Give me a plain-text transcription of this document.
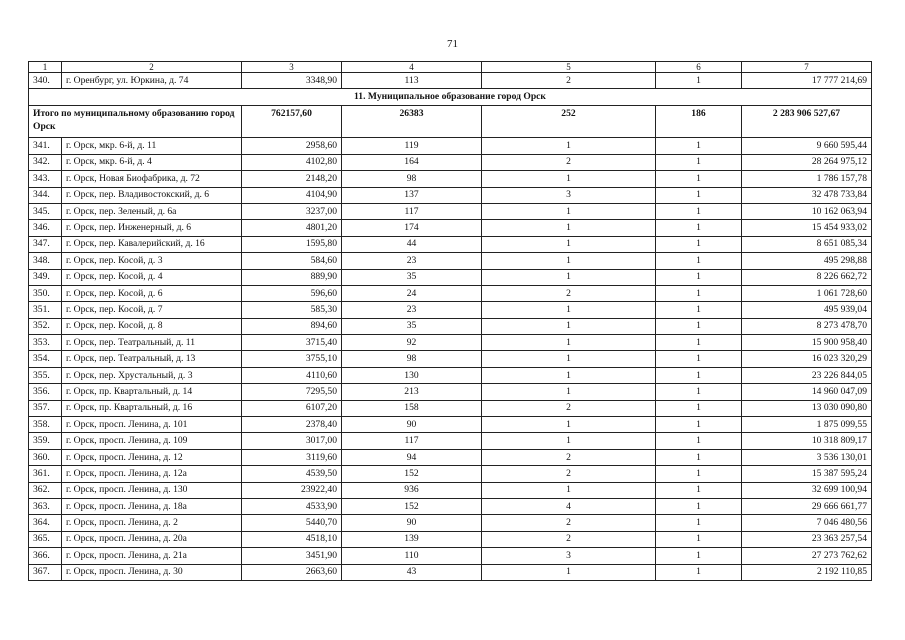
71
1	2	3	4	5	6	7
340.	г. Оренбург, ул. Юркина, д. 74	3348,90	113	2	1	17 777 214,69
11. Муниципальное образование город Орск						
Итого по муниципальному образованию город Орск		762157,60	26383	252	186	2 283 906 527,67
341.	г. Орск, мкр. 6-й, д. 11	2958,60	119	1	1	9 660 595,44
342.	г. Орск, мкр. 6-й, д. 4	4102,80	164	2	1	28 264 975,12
343.	г. Орск, Новая Биофабрика, д. 72	2148,20	98	1	1	1 786 157,78
344.	г. Орск, пер. Владивостокский, д. 6	4104,90	137	3	1	32 478 733,84
345.	г. Орск, пер. Зеленый, д. 6а	3237,00	117	1	1	10 162 063,94
346.	г. Орск, пер. Инженерный, д. 6	4801,20	174	1	1	15 454 933,02
347.	г. Орск, пер. Кавалерийский, д. 16	1595,80	44	1	1	8 651 085,34
348.	г. Орск, пер. Косой, д. 3	584,60	23	1	1	495 298,88
349.	г. Орск, пер. Косой, д. 4	889,90	35	1	1	8 226 662,72
350.	г. Орск, пер. Косой, д. 6	596,60	24	2	1	1 061 728,60
351.	г. Орск, пер. Косой, д. 7	585,30	23	1	1	495 939,04
352.	г. Орск, пер. Косой, д. 8	894,60	35	1	1	8 273 478,70
353.	г. Орск, пер. Театральный, д. 11	3715,40	92	1	1	15 900 958,40
354.	г. Орск, пер. Театральный, д. 13	3755,10	98	1	1	16 023 320,29
355.	г. Орск, пер. Хрустальный, д. 3	4110,60	130	1	1	23 226 844,05
356.	г. Орск, пр. Квартальный, д. 14	7295,50	213	1	1	14 960 047,09
357.	г. Орск, пр. Квартальный, д. 16	6107,20	158	2	1	13 030 090,80
358.	г. Орск, просп. Ленина, д. 101	2378,40	90	1	1	1 875 099,55
359.	г. Орск, просп. Ленина, д. 109	3017,00	117	1	1	10 318 809,17
360.	г. Орск, просп. Ленина, д. 12	3119,60	94	2	1	3 536 130,01
361.	г. Орск, просп. Ленина, д. 12а	4539,50	152	2	1	15 387 595,24
362.	г. Орск, просп. Ленина, д. 130	23922,40	936	1	1	32 699 100,94
363.	г. Орск, просп. Ленина, д. 18а	4533,90	152	4	1	29 666 661,77
364.	г. Орск, просп. Ленина, д. 2	5440,70	90	2	1	7 046 480,56
365.	г. Орск, просп. Ленина, д. 20а	4518,10	139	2	1	23 363 257,54
366.	г. Орск, просп. Ленина, д. 21а	3451,90	110	3	1	27 273 762,62
367.	г. Орск, просп. Ленина, д. 30	2663,60	43	1	1	2 192 110,85
